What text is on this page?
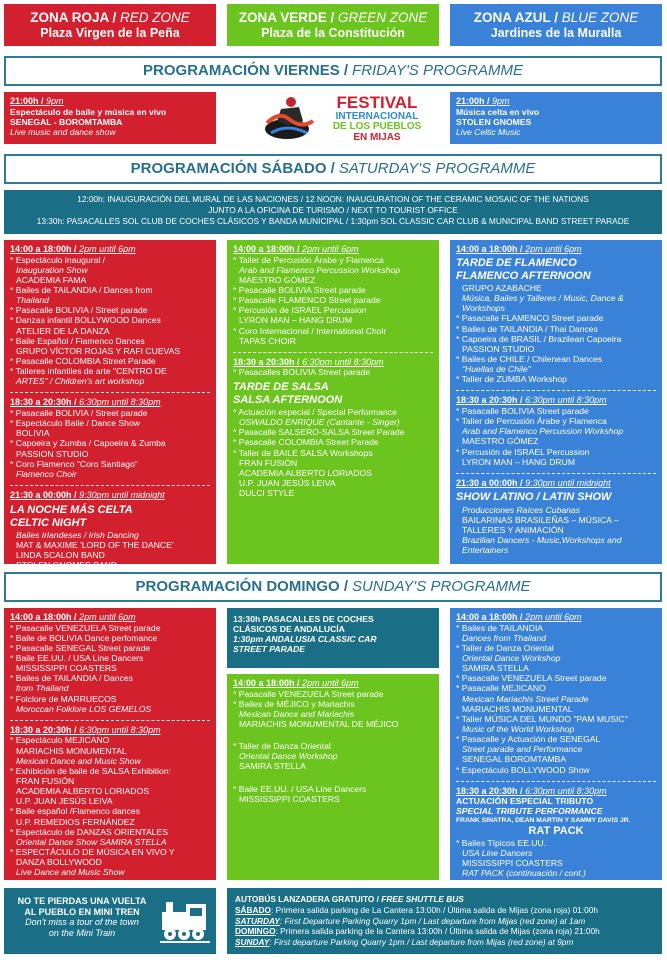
ZONA ROJA / RED ZONE
Plaza Virgen de la Peña
ZONA VERDE / GREEN ZONE
Plaza de la Constitución
ZONA AZUL / BLUE ZONE
Jardines de la Muralla
PROGRAMACIÓN VIERNES / FRIDAY'S PROGRAMME
21:00h / 9pm
Espectáculo de baile y música en vivo
SENEGAL - BOROMTAMBA
Live music and dance show
FESTIVAL
INTERNACIONAL
DE LOS PUEBLOS
EN MIJAS
21:00h / 9pm
Música celta en vivo
STOLEN GNOMES
Live Celtic Music
PROGRAMACIÓN SÁBADO / SATURDAY'S PROGRAMME
12:00h: INAUGURACIÓN DEL MURAL DE LAS NACIONES / 12 NOON: INAUGURATION OF THE CERAMIC MOSAIC OF THE NATIONS
JUNTO A LA OFICINA DE TURISMO / NEXT TO TOURIST OFFICE
13:30h: PASACALLES SOL CLUB DE COCHES CLÁSICOS Y BANDA MUNICIPAL / 1:30pm SOL CLASSIC CAR CLUB & MUNICIPAL BAND STREET PARADE
14:00 a 18:00h / 2pm until 6pm
* Espectáculo inaugural /
Inauguration Show
ACADEMIA FAMA
* Bailes de TAILANDIA / Dances from
Thailand
* Pasacalle BOLIVIA / Street parade
* Danzas infantil BOLLYWOOD Dances
ATELIER DE LA DANZA
* Baile Español / Flamenco Dances
GRUPO VÍCTOR ROJAS Y RAFI CUEVAS
* Pasacalle COLOMBIA Street Parade
* Talleres infantiles de arte "CENTRO DE
ARTES" / Children's art workshop
18:30 a 20:30h / 6:30pm until 8:30pm
* Pasacalle BOLIVIA / Street parade
* Espectáculo Baile / Dance Show
BOLIVIA
* Capoeira y Zumba / Capoeira & Zumba
PASSION STUDIO
* Coro Flamenco "Coro Santiago"
Flamenco Choir
21:30 a 00:00h / 9:30pm until midnight
LA NOCHE MÁS CELTA
CELTIC NIGHT
Bailes Irlandeses / Irish Dancing
MAT & MAXIME 'LORD OF THE DANCE'
LINDA SCALON BAND
STOLEN GNOMES BAND
14:00 a 18:00h / 2pm until 6pm
* Taller de Percusión Árabe y Flamenca
Arab and Flamenco Percussion Workshop
MAESTRO GÓMEZ
* Pasacalle BOLIVIA Street parade
* Pasacalle FLAMENCO Street parade
* Percusión de ISRAEL Percussion
LYRON MAN – HANG DRUM
* Coro Internacional / International Choir
TAPAS CHOIR
18:30 a 20:30h / 6:30pm until 8:30pm
* Pasacalles BOLIVIA Street parade
TARDE DE SALSA
SALSA AFTERNOON
* Actuación especial / Special Performance
OSWALDO ENRIQUE (Cantante - Singer)
* Pasacalle SALSERO-SALSA Street Parade
* Pasacalle COLOMBIA Street Parade
* Taller de BAILE SALSA Workshops
FRAN FUSIÓN
ACADEMIA ALBERTO LORIADOS
U.P. JUAN JESÚS LEIVA
DULCI STYLE
14:00 a 18:00h / 2pm until 6pm
TARDE DE FLAMENCO
FLAMENCO AFTERNOON
GRUPO AZABACHE
Música, Bailes y Talleres / Music, Dance &
Workshops
* Pasacalle FLAMENCO Street parade
* Bailes de TAILANDIA / Thai Dances
* Capoeira de BRASIL / Brazilean Capoeira
PASSION STUDIO
* Bailes de CHILE / Chilenean Dances
"Huellas de Chile"
* Taller de ZUMBA Workshop
18:30 a 20:30h / 6:30pm until 8:30pm
* Pasacalle BOLIVIA Street parade
* Taller de Percusión Árabe y Flamenca
Arab and Flamenco Percussion Workshop
MAESTRO GÓMEZ
* Percusión de ISRAEL Percussion
LYRON MAN – HANG DRUM
21:30 a 00:00h / 9:30pm until midnight
SHOW LATINO / LATIN SHOW
Producciones Raíces Cubanas
BAILARINAS BRASILEÑAS – MÚSICA –
TALLERES Y ANIMACIÓN
Brazilian Dancers - Music,Workshops and
Entertainers
PROGRAMACIÓN DOMINGO / SUNDAY'S PROGRAMME
14:00 a 18:00h / 2pm until 6pm
* Pasacalle VENEZUELA Street parade
* Baile de BOLIVIA Dance perfomance
* Pasacalle SENEGAL Street parade
* Baile EE.UU. / USA Line Dancers
MISSISSIPPI COASTERS
* Bailes de TAILANDIA / Dances
from Thailand
* Folclore de MARRUECOS
Moroccan Folklore LOS GEMELOS
18:30 a 20:30h / 6:30pm until 8:30pm
* Espectáculo MEJICANO
MARIACHIS MONUMENTAL
Mexican Dance and Music Show
* Exhibición de baile de SALSA Exhibition:
FRAN FUSIÓN
ACADEMIA ALBERTO LORIADOS
U.P. JUAN JESÚS LEIVA
* Baile español /Flamenco dances
U.P. REMEDIOS FERNÁNDEZ
* Espectáculo de DANZAS ORIENTALES
Oriental Dance Show SAMIRA STELLA
* ESPECTÁCULO DE MÚSICA EN VIVO Y
DANZA BOLLYWOOD
Live Dance and Music Show
13:30h PASACALLES DE COCHES
CLÁSICOS DE ANDALUCÍA
1:30pm ANDALUSIA CLASSIC CAR
STREET PARADE
14:00 a 18:00h / 2pm until 6pm
* Pasacalle VENEZUELA Street parade
* Bailes de MÉJICO y Mariachis
Mexican Dance and Mariachis
MARIACHIS MONUMENTAL DE MÉJICO
* Taller de Danza Oriental
Oriental Dance Workshop
SAMIRA STELLA
* Baile EE.UU. / USA Line Dancers
MISSISSIPPI COASTERS
14:00 a 18:00h / 2pm until 6pm
* Bailes de TAILANDIA
Dances from Thailand
* Taller de Danza Oriental
Oriental Dance Workshop
SAMIRA STELLA
* Pasacalle VENEZUELA Street parade
* Pasacalle MEJICANO
Mexican Mariachis Street Parade
MARIACHIS MONUMENTAL
* Taller MÚSICA DEL MUNDO "PAM MUSIC"
Music of the World Workshop
* Pasacalle y Actuación de SENEGAL
Street parade and Performance
SENEGAL BOROMTAMBA
* Espectáculo BOLLYWOOD Show
18:30 a 20:30h / 6:30pm until 8:30pm
ACTUACIÓN ESPECIAL TRIBUTO
SPECIAL TRIBUTE PERFORMANCE
FRANK SINATRA, DEAN MARTIN Y SAMMY DAVIS JR.
RAT PACK
* Bailes Típicos EE.UU.
USA Line Dancers
MISSISSIPPI COASTERS
RAT PACK (continuación / cont.)
NO TE PIERDAS UNA VUELTA
AL PUEBLO EN MINI TREN
Don't miss a tour of the town
on the Mini Train
AUTOBÚS LANZADERA GRATUITO / FREE SHUTTLE BUS
SÁBADO: Primera salida parking de La Cantera 13:00h / Última salida de Mijas (zona roja) 01:00h
SATURDAY: First Departure Parking Quarry 1pm / Last departure from Mijas (red zone) at 1am
DOMINGO: Primera salida parking de la Cantera 13:00h / Última salida de Mijas (zona roja) 21:00h
SUNDAY: First departure Parking Quarry 1pm / Last departure from Mijas (red zone) at 9pm
